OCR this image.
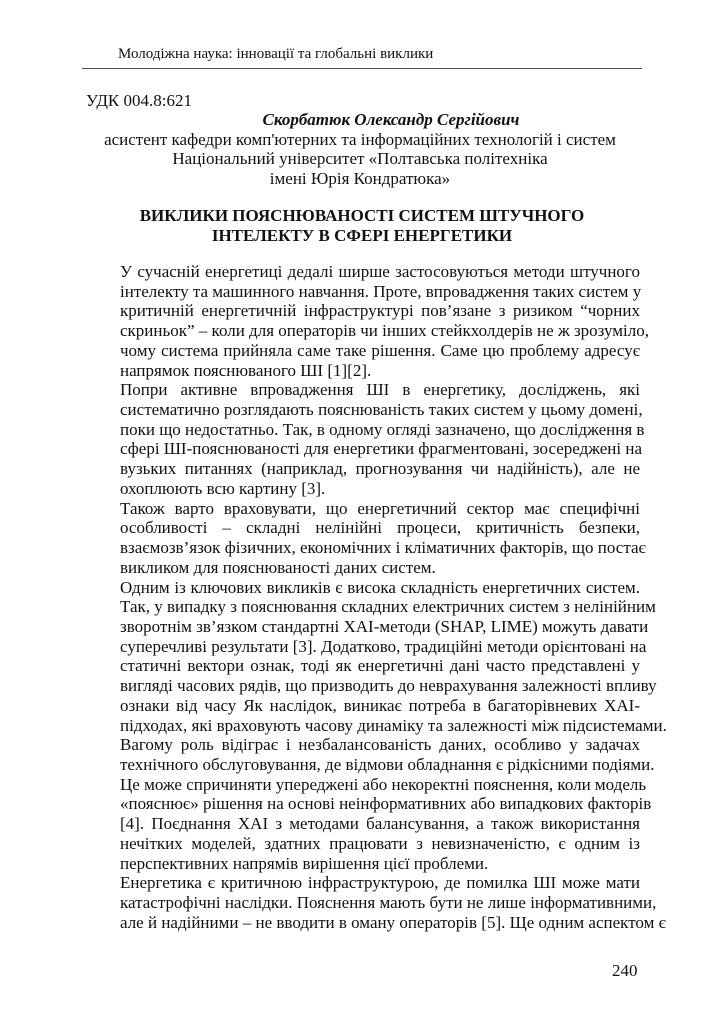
Молодіжна наука: інновації та глобальні виклики
УДК 004.8:621
Скорбатюк Олександр Сергійович
асистент кафедри комп'ютерних та інформаційних технологій і систем
Національний університет «Полтавська політехніка
імені Юрія Кондратюка»
ВИКЛИКИ ПОЯСНЮВАНОСТІ СИСТЕМ ШТУЧНОГО
ІНТЕЛЕКТУ В СФЕРІ ЕНЕРГЕТИКИ

У сучасній енергетиці дедалі ширше застосовуються методи штучного
інтелекту та машинного навчання. Проте, впровадження таких систем у
критичній енергетичній інфраструктурі пов’язане з ризиком “чорних
скриньок” – коли для операторів чи інших стейкхолдерів не ж зрозуміло,
чому система прийняла саме таке рішення. Саме цю проблему адресує
напрямок пояснюваного ШІ [1][2].

Попри активне впровадження ШІ в енергетику, досліджень, які
систематично розглядають пояснюваність таких систем у цьому домені,
поки що недостатньо. Так, в одному огляді зазначено, що дослідження в
сфері ШІ-пояснюваності для енергетики фрагментовані, зосереджені на
вузьких питаннях (наприклад, прогнозування чи надійність), але не
охоплюють всю картину [3].

Також варто враховувати, що енергетичний сектор має специфічні
особливості – складні нелінійні процеси, критичність безпеки,
взаємозв’язок фізичних, економічних і кліматичних факторів, що постає
викликом для пояснюваності даних систем.

Одним із ключових викликів є висока складність енергетичних систем.
Так, у випадку з пояснювання складних електричних систем з нелінійним
зворотнім зв’язком стандартні XAI-методи (SHAP, LIME) можуть давати
суперечливі результати [3]. Додатково, традиційні методи орієнтовані на
статичні вектори ознак, тоді як енергетичні дані часто представлені у
вигляді часових рядів, що призводить до неврахування залежності впливу
ознаки від часу Як наслідок, виникає потреба в багаторівневих XAI-
підходах, які враховують часову динаміку та залежності між підсистемами.

Вагому роль відіграє і незбалансованість даних, особливо у задачах
технічного обслуговування, де відмови обладнання є рідкісними подіями.
Це може спричиняти упереджені або некоректні пояснення, коли модель
«пояснює» рішення на основі неінформативних або випадкових факторів
[4]. Поєднання XAI з методами балансування, а також використання
нечітких моделей, здатних працювати з невизначеністю, є одним із
перспективних напрямів вирішення цієї проблеми.

Енергетика є критичною інфраструктурою, де помилка ШІ може мати
катастрофічні наслідки. Пояснення мають бути не лише інформативними,
але й надійними – не вводити в оману операторів [5]. Ще одним аспектом є

240
